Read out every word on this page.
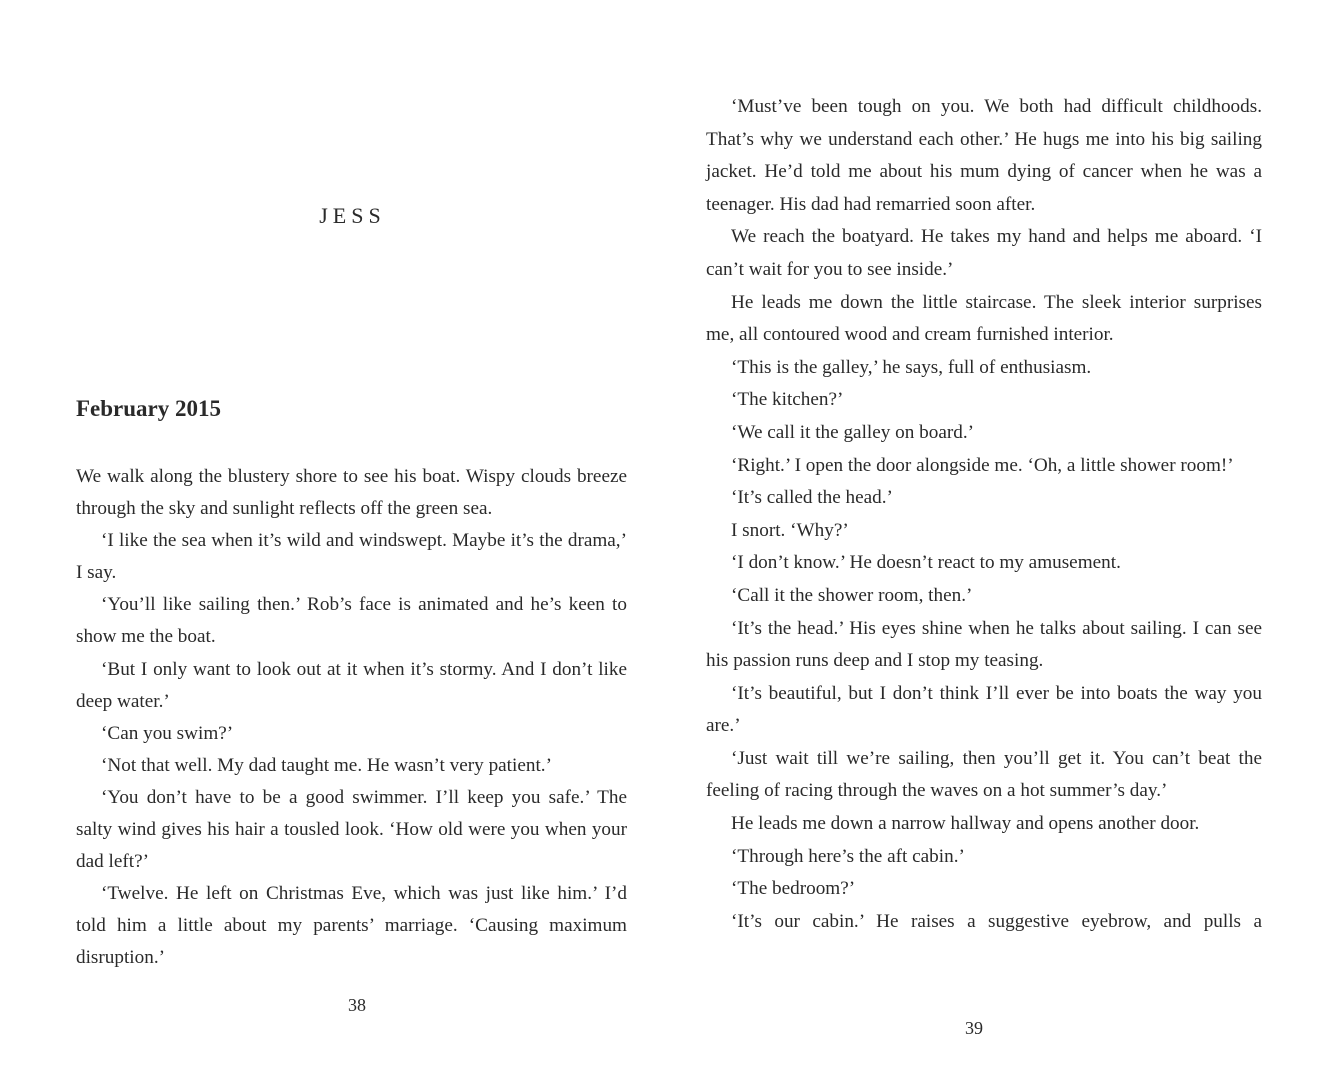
JESS
February 2015

We walk along the blustery shore to see his boat. Wispy clouds breeze through the sky and sunlight reflects off the green sea.

‘I like the sea when it’s wild and windswept. Maybe it’s the drama,’ I say.

‘You’ll like sailing then.’ Rob’s face is animated and he’s keen to show me the boat.

‘But I only want to look out at it when it’s stormy. And I don’t like deep water.’

‘Can you swim?’

‘Not that well. My dad taught me. He wasn’t very patient.’

‘You don’t have to be a good swimmer. I’ll keep you safe.’ The salty wind gives his hair a tousled look. ‘How old were you when your dad left?’

‘Twelve. He left on Christmas Eve, which was just like him.’ I’d told him a little about my parents’ marriage. ‘Causing maximum disruption.’

38

‘Must’ve been tough on you. We both had difficult childhoods. That’s why we understand each other.’ He hugs me into his big sailing jacket. He’d told me about his mum dying of cancer when he was a teenager. His dad had remarried soon after.

We reach the boatyard. He takes my hand and helps me aboard. ‘I can’t wait for you to see inside.’

He leads me down the little staircase. The sleek interior surprises me, all contoured wood and cream furnished interior.

‘This is the galley,’ he says, full of enthusiasm.

‘The kitchen?’

‘We call it the galley on board.’

‘Right.’ I open the door alongside me. ‘Oh, a little shower room!’

‘It’s called the head.’

I snort. ‘Why?’

‘I don’t know.’ He doesn’t react to my amusement.

‘Call it the shower room, then.’

‘It’s the head.’ His eyes shine when he talks about sailing. I can see his passion runs deep and I stop my teasing.

‘It’s beautiful, but I don’t think I’ll ever be into boats the way you are.’

‘Just wait till we’re sailing, then you’ll get it. You can’t beat the feeling of racing through the waves on a hot summer’s day.’

He leads me down a narrow hallway and opens another door.

‘Through here’s the aft cabin.’

‘The bedroom?’

‘It’s our cabin.’ He raises a suggestive eyebrow, and pulls a

39
